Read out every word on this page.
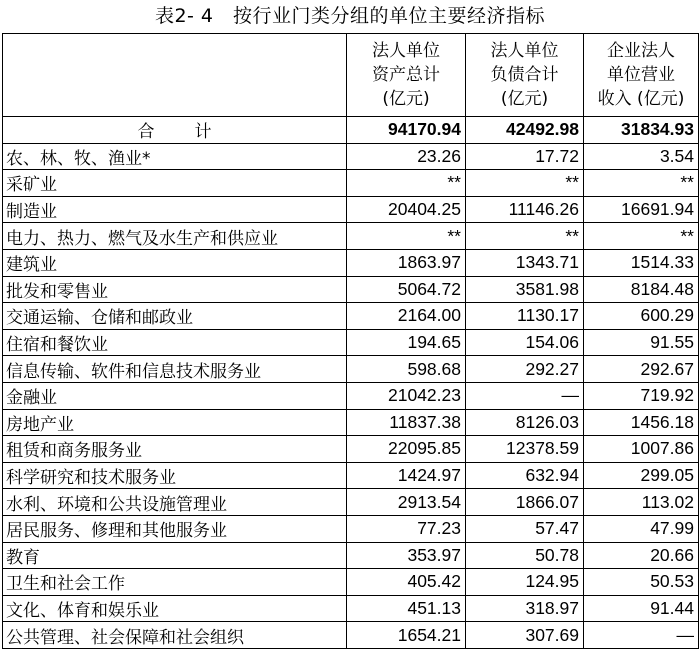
表2- 4　按行业门类分组的单位主要经济指标

	法人单位
资产总计
(亿元)	法人单位
负债合计
(亿元)	企业法人
单位营业
收入 (亿元)

合计	94170.94	42492.98	31834.93
农、林、牧、渔业*	23.26	17.72	3.54
采矿业	**	**	**
制造业	20404.25	11146.26	16691.94
电力、热力、燃气及水生产和供应业	**	**	**
建筑业	1863.97	1343.71	1514.33
批发和零售业	5064.72	3581.98	8184.48
交通运输、仓储和邮政业	2164.00	1130.17	600.29
住宿和餐饮业	194.65	154.06	91.55
信息传输、软件和信息技术服务业	598.68	292.27	292.67
金融业	21042.23	—	719.92
房地产业	11837.38	8126.03	1456.18
租赁和商务服务业	22095.85	12378.59	1007.86
科学研究和技术服务业	1424.97	632.94	299.05
水利、环境和公共设施管理业	2913.54	1866.07	113.02
居民服务、修理和其他服务业	77.23	57.47	47.99
教育	353.97	50.78	20.66
卫生和社会工作	405.42	124.95	50.53
文化、体育和娱乐业	451.13	318.97	91.44
公共管理、社会保障和社会组织	1654.21	307.69	—
